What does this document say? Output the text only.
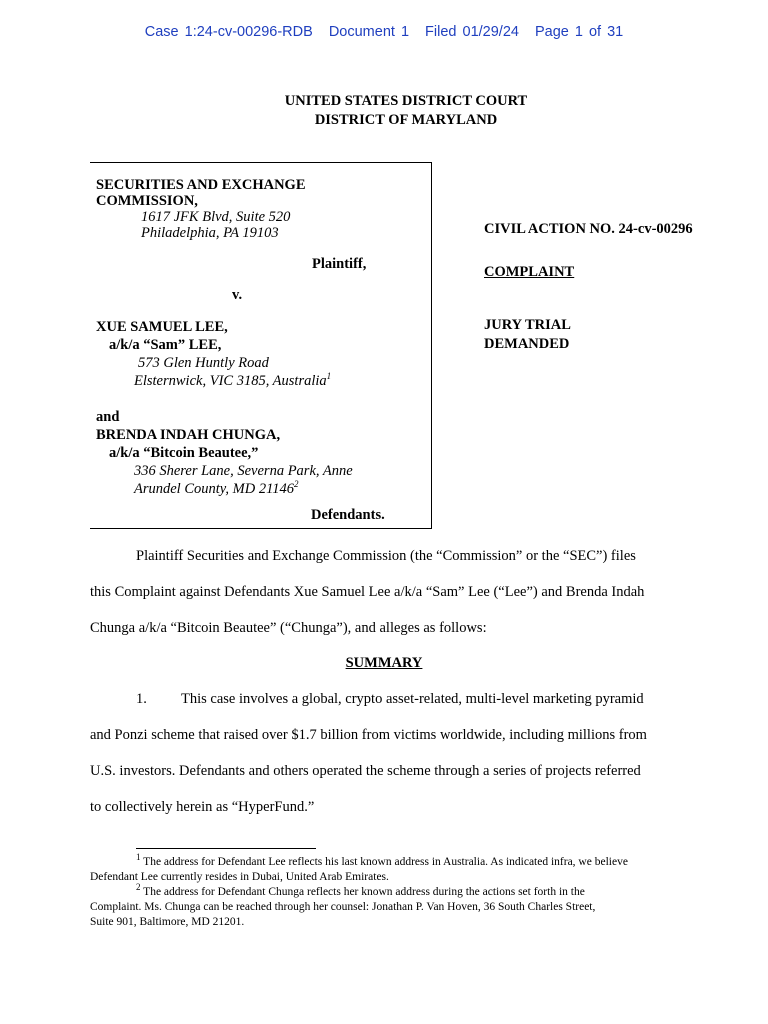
Case 1:24-cv-00296-RDB Document 1 Filed 01/29/24 Page 1 of 31
UNITED STATES DISTRICT COURT
DISTRICT OF MARYLAND
SECURITIES AND EXCHANGE
COMMISSION,
1617 JFK Blvd, Suite 520
Philadelphia, PA 19103
Plaintiff,
v.
XUE SAMUEL LEE,
a/k/a “Sam” LEE,
573 Glen Huntly Road
Elsternwick, VIC 3185, Australia$^1$
and
BRENDA INDAH CHUNGA,
a/k/a “Bitcoin Beautee,”
336 Sherer Lane, Severna Park, Anne
Arundel County, MD 21146$^2$
Defendants.
CIVIL ACTION NO. 24-cv-00296
COMPLAINT
JURY TRIAL
DEMANDED
Plaintiff Securities and Exchange Commission (the “Commission” or the “SEC”) files
this Complaint against Defendants Xue Samuel Lee a/k/a “Sam” Lee (“Lee”) and Brenda Indah
Chunga a/k/a “Bitcoin Beautee” (“Chunga”), and alleges as follows:
SUMMARY
1.	This case involves a global, crypto asset-related, multi-level marketing pyramid
and Ponzi scheme that raised over $1.7 billion from victims worldwide, including millions from
U.S. investors. Defendants and others operated the scheme through a series of projects referred
to collectively herein as “HyperFund.”
$^1$ The address for Defendant Lee reflects his last known address in Australia. As indicated infra, we believe
Defendant Lee currently resides in Dubai, United Arab Emirates.
$^2$ The address for Defendant Chunga reflects her known address during the actions set forth in the
Complaint. Ms. Chunga can be reached through her counsel: Jonathan P. Van Hoven, 36 South Charles Street,
Suite 901, Baltimore, MD 21201.
